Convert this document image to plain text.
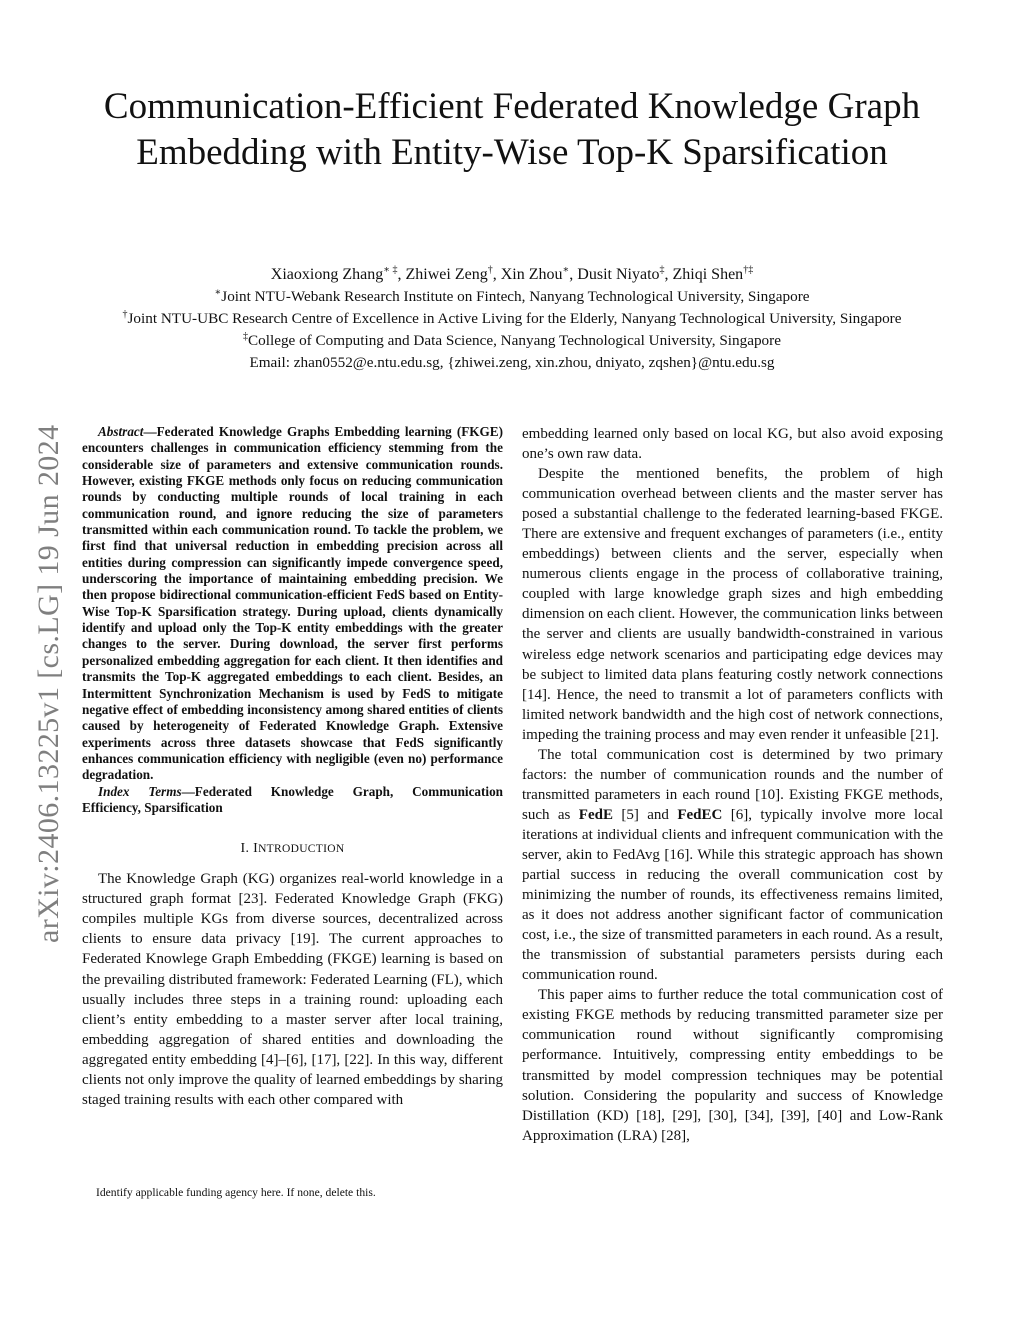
arXiv:2406.13225v1 [cs.LG] 19 Jun 2024
Communication-Efficient Federated Knowledge Graph Embedding with Entity-Wise Top-K Sparsification
Xiaoxiong Zhang∗ ‡, Zhiwei Zeng†, Xin Zhou∗, Dusit Niyato‡, Zhiqi Shen†‡
∗Joint NTU-Webank Research Institute on Fintech, Nanyang Technological University, Singapore
†Joint NTU-UBC Research Centre of Excellence in Active Living for the Elderly, Nanyang Technological University, Singapore
‡College of Computing and Data Science, Nanyang Technological University, Singapore
Email: zhan0552@e.ntu.edu.sg, {zhiwei.zeng, xin.zhou, dniyato, zqshen}@ntu.edu.sg

Abstract—Federated Knowledge Graphs Embedding learning (FKGE) encounters challenges in communication efficiency stemming from the considerable size of parameters and extensive communication rounds. However, existing FKGE methods only focus on reducing communication rounds by conducting multiple rounds of local training in each communication round, and ignore reducing the size of parameters transmitted within each communication round. To tackle the problem, we first find that universal reduction in embedding precision across all entities during compression can significantly impede convergence speed, underscoring the importance of maintaining embedding precision. We then propose bidirectional communication-efficient FedS based on Entity-Wise Top-K Sparsification strategy. During upload, clients dynamically identify and upload only the Top-K entity embeddings with the greater changes to the server. During download, the server first performs personalized embedding aggregation for each client. It then identifies and transmits the Top-K aggregated embeddings to each client. Besides, an Intermittent Synchronization Mechanism is used by FedS to mitigate negative effect of embedding inconsistency among shared entities of clients caused by heterogeneity of Federated Knowledge Graph. Extensive experiments across three datasets showcase that FedS significantly enhances communication efficiency with negligible (even no) performance degradation.

Index Terms—Federated Knowledge Graph, Communication Efficiency, Sparsification

I. INTRODUCTION

The Knowledge Graph (KG) organizes real-world knowledge in a structured graph format [23]. Federated Knowledge Graph (FKG) compiles multiple KGs from diverse sources, decentralized across clients to ensure data privacy [19]. The current approaches to Federated Knowlege Graph Embedding (FKGE) learning is based on the prevailing distributed framework: Federated Learning (FL), which usually includes three steps in a training round: uploading each client’s entity embedding to a master server after local training, embedding aggregation of shared entities and downloading the aggregated entity embedding [4]–[6], [17], [22]. In this way, different clients not only improve the quality of learned embeddings by sharing staged training results with each other compared with

embedding learned only based on local KG, but also avoid exposing one’s own raw data.

Despite the mentioned benefits, the problem of high communication overhead between clients and the master server has posed a substantial challenge to the federated learning-based FKGE. There are extensive and frequent exchanges of parameters (i.e., entity embeddings) between clients and the server, especially when numerous clients engage in the process of collaborative training, coupled with large knowledge graph sizes and high embedding dimension on each client. However, the communication links between the server and clients are usually bandwidth-constrained in various wireless edge network scenarios and participating edge devices may be subject to limited data plans featuring costly network connections [14]. Hence, the need to transmit a lot of parameters conflicts with limited network bandwidth and the high cost of network connections, impeding the training process and may even render it unfeasible [21].

The total communication cost is determined by two primary factors: the number of communication rounds and the number of transmitted parameters in each round [10]. Existing FKGE methods, such as FedE [5] and FedEC [6], typically involve more local iterations at individual clients and infrequent communication with the server, akin to FedAvg [16]. While this strategic approach has shown partial success in reducing the overall communication cost by minimizing the number of rounds, its effectiveness remains limited, as it does not address another significant factor of communication cost, i.e., the size of transmitted parameters in each round. As a result, the transmission of substantial parameters persists during each communication round.

This paper aims to further reduce the total communication cost of existing FKGE methods by reducing transmitted parameter size per communication round without significantly compromising performance. Intuitively, compressing entity embeddings to be transmitted by model compression techniques may be potential solution. Considering the popularity and success of Knowledge Distillation (KD) [18], [29], [30], [34], [39], [40] and Low-Rank Approximation (LRA) [28],

Identify applicable funding agency here. If none, delete this.
